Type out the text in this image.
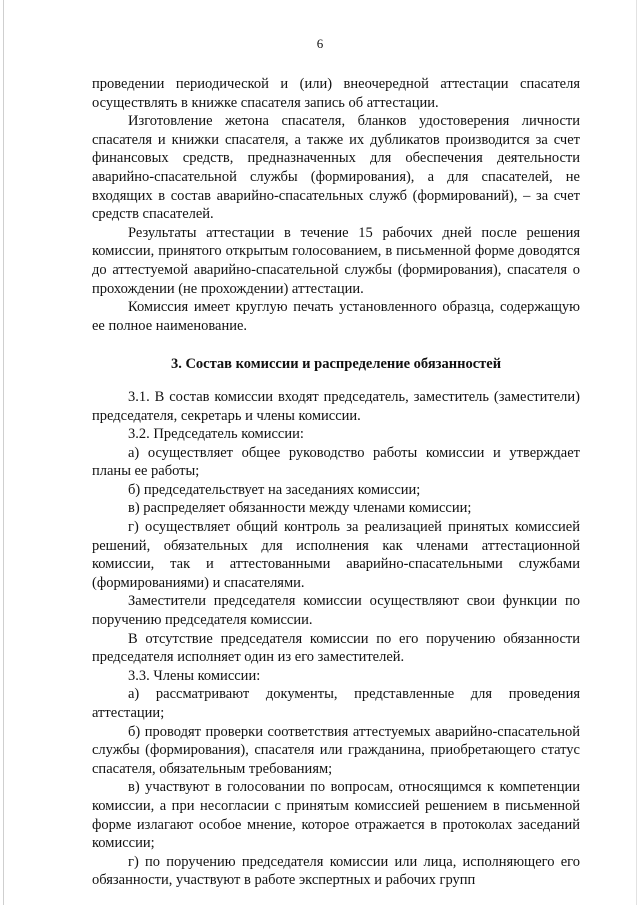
6

проведении периодической и (или) внеочередной аттестации спасателя осуществлять в книжке спасателя запись об аттестации.

Изготовление жетона спасателя, бланков удостоверения личности спасателя и книжки спасателя, а также их дубликатов производится за счет финансовых средств, предназначенных для обеспечения деятельности аварийно-спасательной службы (формирования), а для спасателей, не входящих в состав аварийно-спасательных служб (формирований), – за счет средств спасателей.

Результаты аттестации в течение 15 рабочих дней после решения комиссии, принятого открытым голосованием, в письменной форме доводятся до аттестуемой аварийно-спасательной службы (формирования), спасателя о прохождении (не прохождении) аттестации.

Комиссия имеет круглую печать установленного образца, содержащую ее полное наименование.

3. Состав комиссии и распределение обязанностей

3.1. В состав комиссии входят председатель, заместитель (заместители) председателя, секретарь и члены комиссии.

3.2. Председатель комиссии:

а) осуществляет общее руководство работы комиссии и утверждает планы ее работы;

б) председательствует на заседаниях комиссии;

в) распределяет обязанности между членами комиссии;

г) осуществляет общий контроль за реализацией принятых комиссией решений, обязательных для исполнения как членами аттестационной комиссии, так и аттестованными аварийно-спасательными службами (формированиями) и спасателями.

Заместители председателя комиссии осуществляют свои функции по поручению председателя комиссии.

В отсутствие председателя комиссии по его поручению обязанности председателя исполняет один из его заместителей.

3.3. Члены комиссии:

а) рассматривают документы, представленные для проведения аттестации;

б) проводят проверки соответствия аттестуемых аварийно-спасательной службы (формирования), спасателя или гражданина, приобретающего статус спасателя, обязательным требованиям;

в) участвуют в голосовании по вопросам, относящимся к компетенции комиссии, а при несогласии с принятым комиссией решением в письменной форме излагают особое мнение, которое отражается в протоколах заседаний комиссии;

г) по поручению председателя комиссии или лица, исполняющего его обязанности, участвуют в работе экспертных и рабочих групп
